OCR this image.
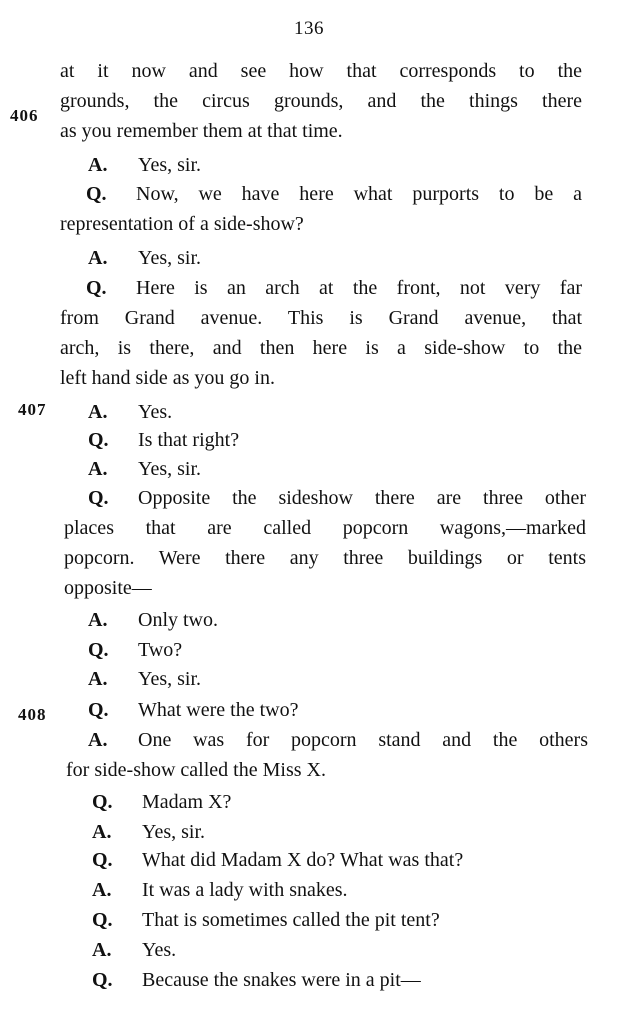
136
406
407
408
at it now and see how that corresponds to the
grounds, the circus grounds, and the things there
as you remember them at that time.
A. Yes, sir.
Q. Now, we have here what purports to be a
representation of a side-show?
A. Yes, sir.
Q. Here is an arch at the front, not very far
from Grand avenue. This is Grand avenue, that
arch, is there, and then here is a side-show to the
left hand side as you go in.
A. Yes.
Q. Is that right?
A. Yes, sir.
Q. Opposite the sideshow there are three other
places that are called popcorn wagons,—marked
popcorn. Were there any three buildings or tents
opposite—
A. Only two.
Q. Two?
A. Yes, sir.
Q. What were the two?
A. One was for popcorn stand and the others
for side-show called the Miss X.
Q. Madam X?
A. Yes, sir.
Q. What did Madam X do? What was that?
A. It was a lady with snakes.
Q. That is sometimes called the pit tent?
A. Yes.
Q. Because the snakes were in a pit—
